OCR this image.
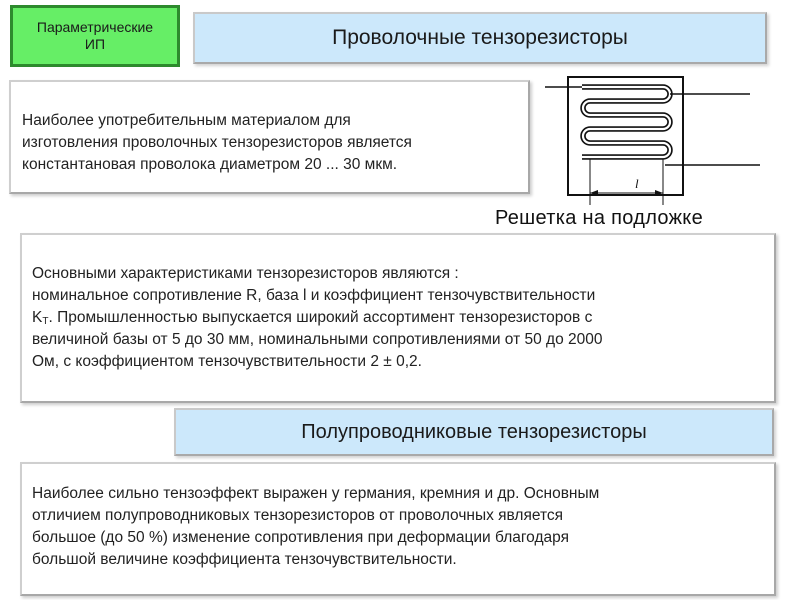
Параметрические
ИП	Проволочные тензорезисторы
Наиболее употребительным материалом для
изготовления проволочных тензорезисторов является
константановая проволока диаметром 20 ... 30 мкм.
l
Решетка на подложке
Основными характеристиками тензорезисторов являются :
номинальное сопротивление R, база l и коэффициент тензочувствительности
$K_T$. Промышленностью выпускается широкий ассортимент тензорезисторов с
величиной базы от 5 до 30 мм, номинальными сопротивлениями от 50 до 2000
Ом, с коэффициентом тензочувствительности 2 ± 0,2.
Полупроводниковые тензорезисторы
Наиболее сильно тензоэффект выражен у германия, кремния и др. Основным
отличием полупроводниковых тензорезисторов от проволочных является
большое (до 50 %) изменение сопротивления при деформации благодаря
большой величине коэффициента тензочувствительности.
